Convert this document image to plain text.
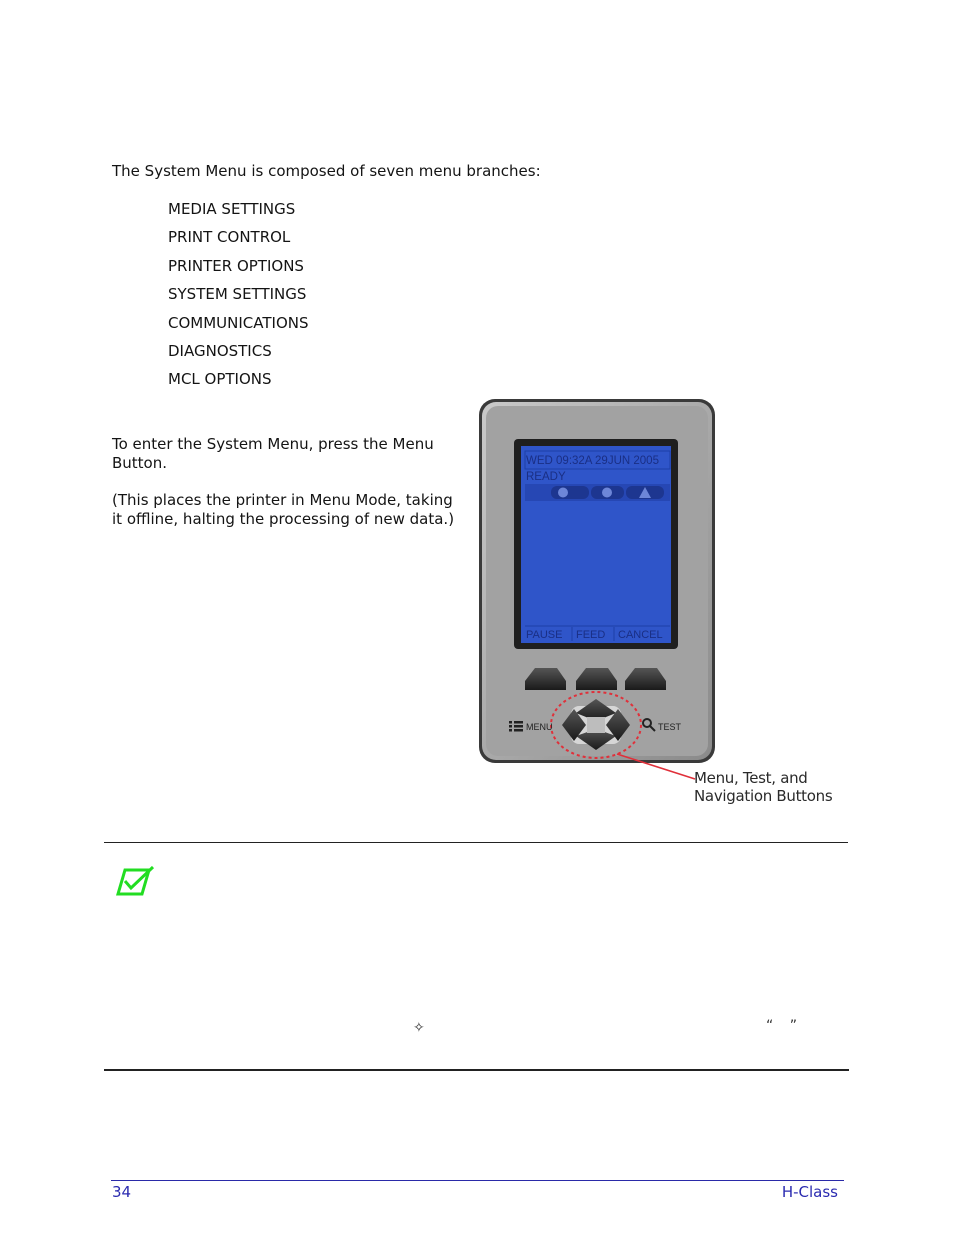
The System Menu is composed of seven menu branches:
MEDIA SETTINGS
PRINT CONTROL
PRINTER OPTIONS
SYSTEM SETTINGS
COMMUNICATIONS
DIAGNOSTICS
MCL OPTIONS
To enter the System Menu, press the Menu Button.
(This places the printer in Menu Mode, taking it offline, halting the processing of new data.)
WED 09:32A 29JUN 2005
READY
PAUSE FEED CANCEL
MENU	TEST
Menu, Test, and
Navigation Buttons
✧	“ ”
34	H-Class
